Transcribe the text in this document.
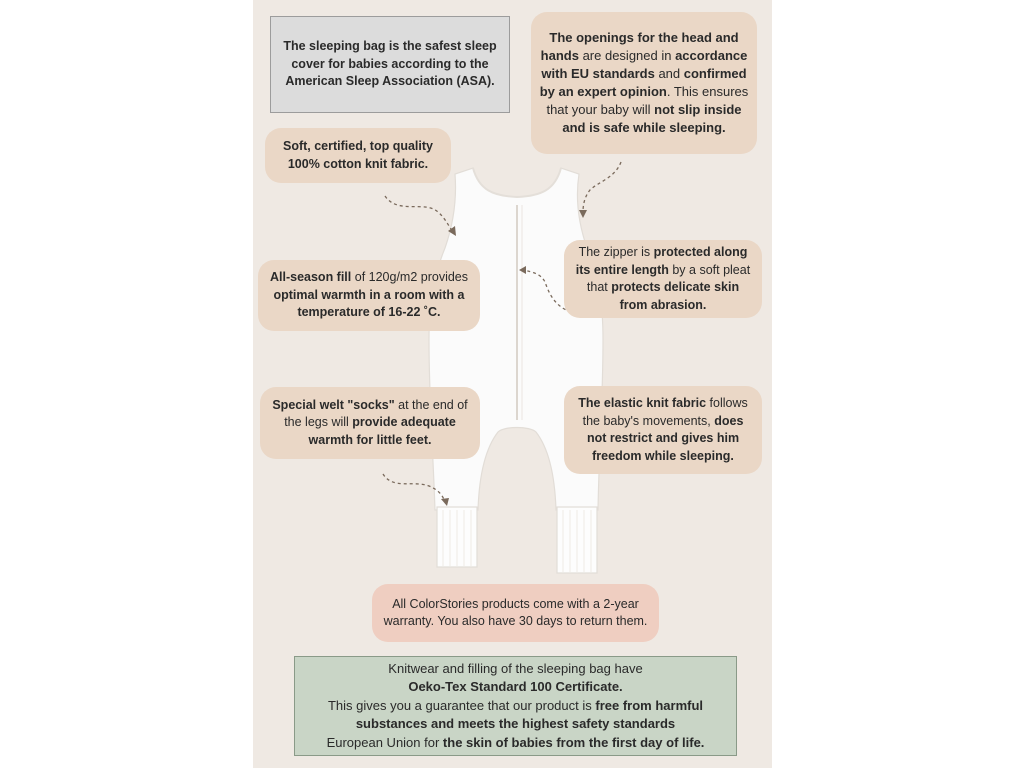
The sleeping bag is the safest sleep cover for babies according to the American Sleep Association (ASA).
The openings for the head and hands are designed in accordance with EU standards and confirmed by an expert opinion. This ensures that your baby will not slip inside and is safe while sleeping.
Soft, certified, top quality 100% cotton knit fabric.
The zipper is protected along its entire length by a soft pleat that protects delicate skin from abrasion.
All-season fill of 120g/m2 provides optimal warmth in a room with a temperature of 16-22 ˚C.
Special welt "socks" at the end of the legs will provide adequate warmth for little feet.
The elastic knit fabric follows the baby's movements, does not restrict and gives him freedom while sleeping.
All ColorStories products come with a 2-year warranty. You also have 30 days to return them.
Knitwear and filling of the sleeping bag have
Oeko-Tex Standard 100 Certificate.
This gives you a guarantee that our product is free from harmful substances and meets the highest safety standards
European Union for the skin of babies from the first day of life.
